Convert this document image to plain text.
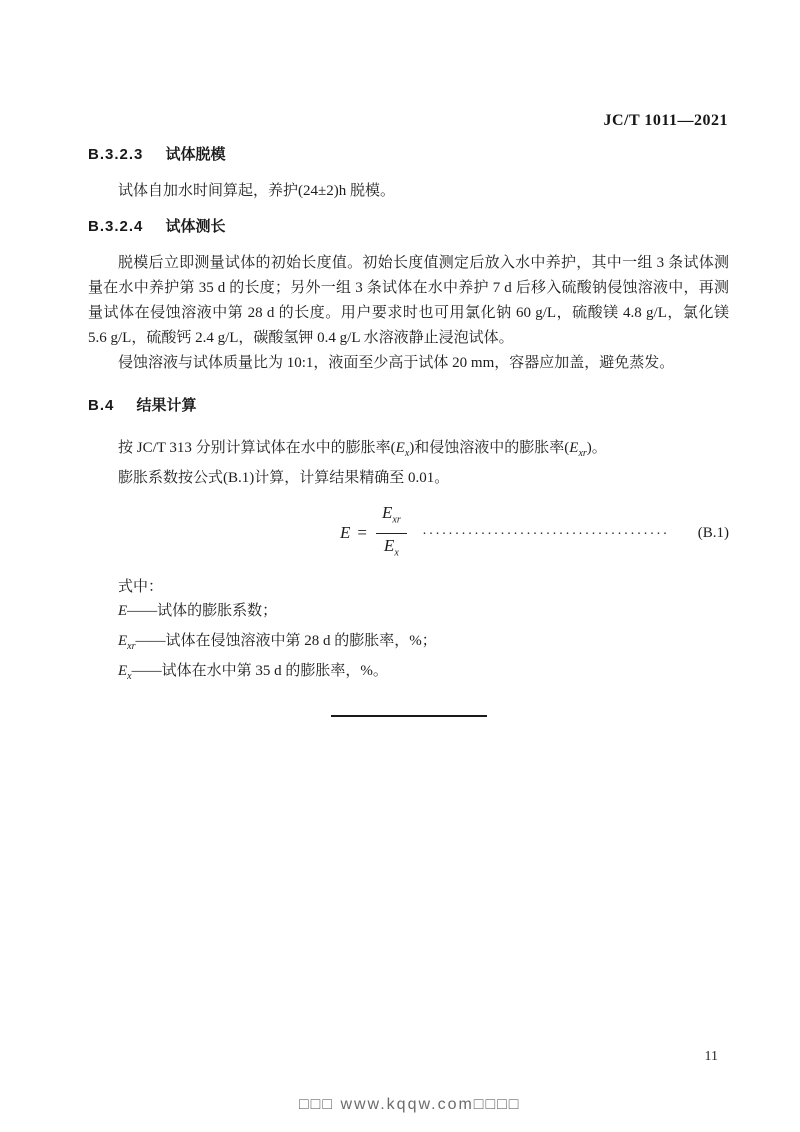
JC/T 1011—2021
B.3.2.3 试体脱模

试体自加水时间算起，养护(24±2)h 脱模。

B.3.2.4 试体测长

脱模后立即测量试体的初始长度值。初始长度值测定后放入水中养护，其中一组 3 条试体测量在水中养护第 35 d 的长度；另外一组 3 条试体在水中养护 7 d 后移入硫酸钠侵蚀溶液中，再测量试体在侵蚀溶液中第 28 d 的长度。用户要求时也可用氯化钠 60 g/L，硫酸镁 4.8 g/L，氯化镁 5.6 g/L，硫酸钙 2.4 g/L，碳酸氢钾 0.4 g/L 水溶液静止浸泡试体。

侵蚀溶液与试体质量比为 10:1，液面至少高于试体 20 mm，容器应加盖，避免蒸发。

B.4 结果计算

按 JC/T 313 分别计算试体在水中的膨胀率$(E_x)$和侵蚀溶液中的膨胀率$(E_{xr})$。

膨胀系数按公式(B.1)计算，计算结果精确至 0.01。

$E = \frac{E_{xr}}{E_x}$ ......................................	(B.1)

式中：

E——试体的膨胀系数；

$E_{xr}——$试体在侵蚀溶液中第 28 d 的膨胀率，%；

$E_x——$试体在水中第 35 d 的膨胀率，%。

11
□□□ www.kqqw.com□□□□
